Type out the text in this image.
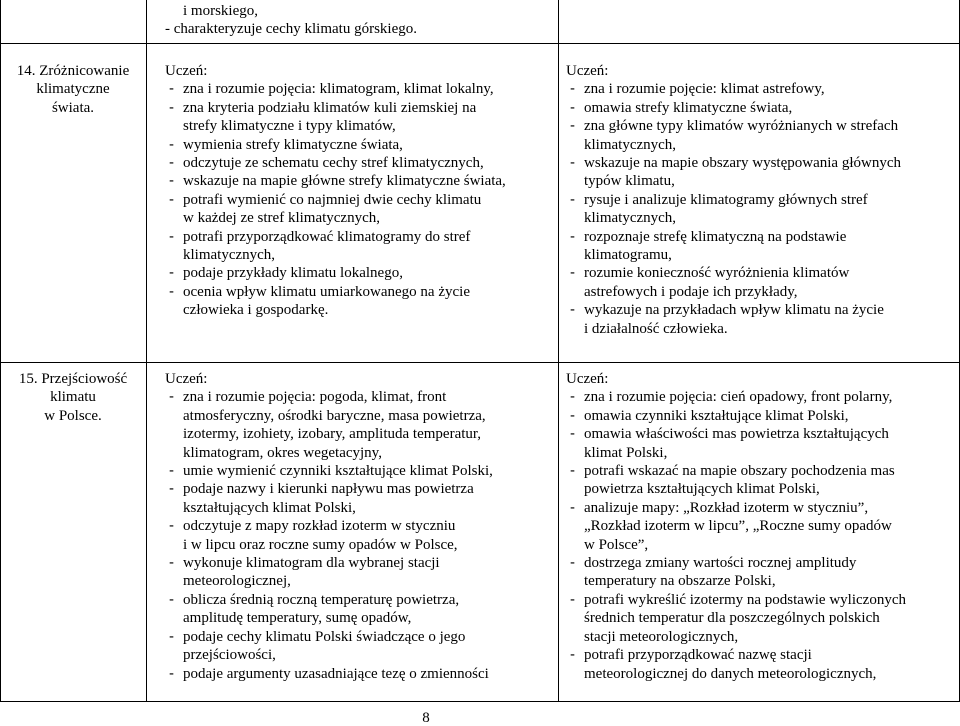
i morskiego,
- charakteryzuje cechy klimatu górskiego.
14. Zróżnicowanie
klimatyczne
świata.
Uczeń:
- zna i rozumie pojęcia: klimatogram, klimat lokalny,
- zna kryteria podziału klimatów kuli ziemskiej na
strefy klimatyczne i typy klimatów,
- wymienia strefy klimatyczne świata,
- odczytuje ze schematu cechy stref klimatycznych,
- wskazuje na mapie główne strefy klimatyczne świata,
- potrafi wymienić co najmniej dwie cechy klimatu
w każdej ze stref klimatycznych,
- potrafi przyporządkować klimatogramy do stref
klimatycznych,
- podaje przykłady klimatu lokalnego,
- ocenia wpływ klimatu umiarkowanego na życie
człowieka i gospodarkę.
Uczeń:
- zna i rozumie pojęcie: klimat astrefowy,
- omawia strefy klimatyczne świata,
- zna główne typy klimatów wyróżnianych w strefach
klimatycznych,
- wskazuje na mapie obszary występowania głównych
typów klimatu,
- rysuje i analizuje klimatogramy głównych stref
klimatycznych,
- rozpoznaje strefę klimatyczną na podstawie
klimatogramu,
- rozumie konieczność wyróżnienia klimatów
astrefowych i podaje ich przykłady,
- wykazuje na przykładach wpływ klimatu na życie
i działalność człowieka.
15. Przejściowość
klimatu
w Polsce.
Uczeń:
- zna i rozumie pojęcia: pogoda, klimat, front
atmosferyczny, ośrodki baryczne, masa powietrza,
izotermy, izohiety, izobary, amplituda temperatur,
klimatogram, okres wegetacyjny,
- umie wymienić czynniki kształtujące klimat Polski,
- podaje nazwy i kierunki napływu mas powietrza
kształtujących klimat Polski,
- odczytuje z mapy rozkład izoterm w styczniu
i w lipcu oraz roczne sumy opadów w Polsce,
- wykonuje klimatogram dla wybranej stacji
meteorologicznej,
- oblicza średnią roczną temperaturę powietrza,
amplitudę temperatury, sumę opadów,
- podaje cechy klimatu Polski świadczące o jego
przejściowości,
- podaje argumenty uzasadniające tezę o zmienności
Uczeń:
- zna i rozumie pojęcia: cień opadowy, front polarny,
- omawia czynniki kształtujące klimat Polski,
- omawia właściwości mas powietrza kształtujących
klimat Polski,
- potrafi wskazać na mapie obszary pochodzenia mas
powietrza kształtujących klimat Polski,
- analizuje mapy: „Rozkład izoterm w styczniu”,
„Rozkład izoterm w lipcu”, „Roczne sumy opadów
w Polsce”,
- dostrzega zmiany wartości rocznej amplitudy
temperatury na obszarze Polski,
- potrafi wykreślić izotermy na podstawie wyliczonych
średnich temperatur dla poszczególnych polskich
stacji meteorologicznych,
- potrafi przyporządkować nazwę stacji
meteorologicznej do danych meteorologicznych,
8
